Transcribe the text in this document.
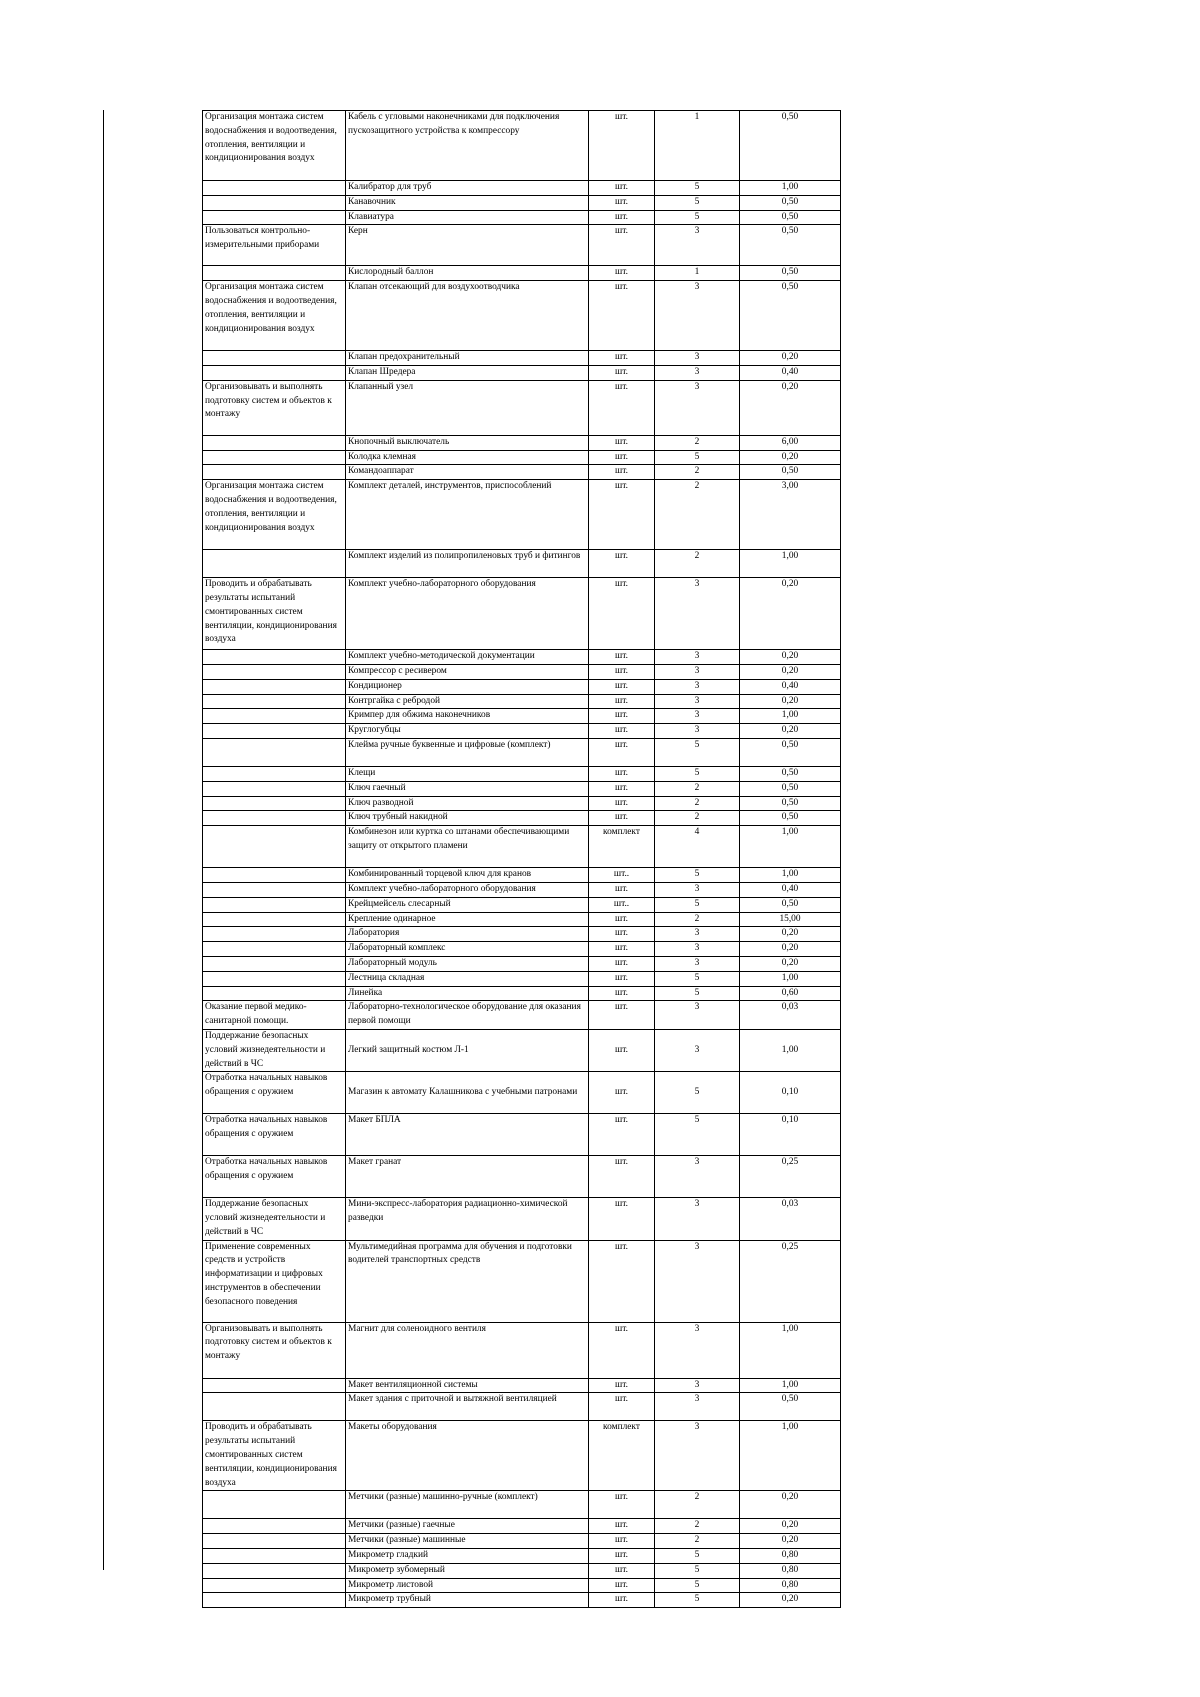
Организация монтажа систем водоснабжения и водоотведения, отопления, вентиляции и кондиционирования воздух	Кабель с угловыми наконечниками для подключения пускозащитного устройства к компрессору	шт.	1	0,50
	Калибратор для труб	шт.	5	1,00
	Канавочник	шт.	5	0,50
	Клавиатура	шт.	5	0,50
Пользоваться контрольно-измерительными приборами	Керн	шт.	3	0,50
	Кислородный баллон	шт.	1	0,50
Организация монтажа систем водоснабжения и водоотведения, отопления, вентиляции и кондиционирования воздух	Клапан отсекающий для воздухоотводчика	шт.	3	0,50
	Клапан предохранительный	шт.	3	0,20
	Клапан Шредера	шт.	3	0,40
Организовывать и выполнять подготовку систем и объектов к монтажу	Клапанный узел	шт.	3	0,20
	Кнопочный выключатель	шт.	2	6,00
	Колодка клемная	шт.	5	0,20
	Командоаппарат	шт.	2	0,50
Организация монтажа систем водоснабжения и водоотведения, отопления, вентиляции и кондиционирования воздух	Комплект деталей, инструментов, приспособлений	шт.	2	3,00
	Комплект изделий из полипропиленовых труб и фитингов	шт.	2	1,00
Проводить и обрабатывать результаты испытаний смонтированных систем вентиляции, кондиционирования воздуха	Комплект учебно-лабораторного оборудования	шт.	3	0,20
	Комплект учебно-методической документации	шт.	3	0,20
	Компрессор с ресивером	шт.	3	0,20
	Кондиционер	шт.	3	0,40
	Контргайка с ребродой	шт.	3	0,20
	Кримпер для обжима наконечников	шт.	3	1,00
	Круглогубцы	шт.	3	0,20
	Клейма ручные буквенные и цифровые (комплект)	шт.	5	0,50
	Клещи	шт.	5	0,50
	Ключ гаечный	шт.	2	0,50
	Ключ разводной	шт.	2	0,50
	Ключ трубный накидной	шт.	2	0,50
	Комбинезон или куртка со штанами обеспечивающими защиту от открытого пламени	комплект	4	1,00
	Комбинированный торцевой ключ для кранов	шт..	5	1,00
	Комплект учебно-лабораторного оборудования	шт.	3	0,40
	Крейцмейсель слесарный	шт..	5	0,50
	Крепление одинарное	шт.	2	15,00
	Лаборатория	шт.	3	0,20
	Лабораторный комплекс	шт.	3	0,20
	Лабораторный модуль	шт.	3	0,20
	Лестница складная	шт.	5	1,00
	Линейка	шт.	5	0,60
Оказание первой медико-санитарной помощи.	Лабораторно-технологическое оборудование для оказания первой помощи	шт.	3	0,03
Поддержание безопасных условий жизнедеятельности и действий в ЧС	Легкий защитный костюм Л-1	шт.	3	1,00
Отработка начальных навыков обращения с оружием	Магазин к автомату Калашникова с учебными патронами	шт.	5	0,10
Отработка начальных навыков обращения с оружием	Макет БПЛА	шт.	5	0,10
Отработка начальных навыков обращения с оружием	Макет гранат	шт.	3	0,25
Поддержание безопасных условий жизнедеятельности и действий в ЧС	Мини-экспресс-лаборатория радиационно-химической разведки	шт.	3	0,03
Применение современных средств и устройств информатизации и цифровых инструментов в обеспечении безопасного поведения	Мультимедийная программа для обучения и подготовки водителей транспортных средств	шт.	3	0,25
Организовывать и выполнять подготовку систем и объектов к монтажу	Магнит для соленоидного вентиля	шт.	3	1,00
	Макет вентиляционной системы	шт.	3	1,00
	Макет здания с приточной и вытяжной вентиляцией	шт.	3	0,50
Проводить и обрабатывать результаты испытаний смонтированных систем вентиляции, кондиционирования воздуха	Макеты оборудования	комплект	3	1,00
	Метчики (разные) машинно-ручные (комплект)	шт.	2	0,20
	Метчики (разные) гаечные	шт.	2	0,20
	Метчики (разные) машинные	шт.	2	0,20
	Микрометр гладкий	шт.	5	0,80
	Микрометр зубомерный	шт.	5	0,80
	Микрометр листовой	шт.	5	0,80
	Микрометр трубный	шт.	5	0,20
